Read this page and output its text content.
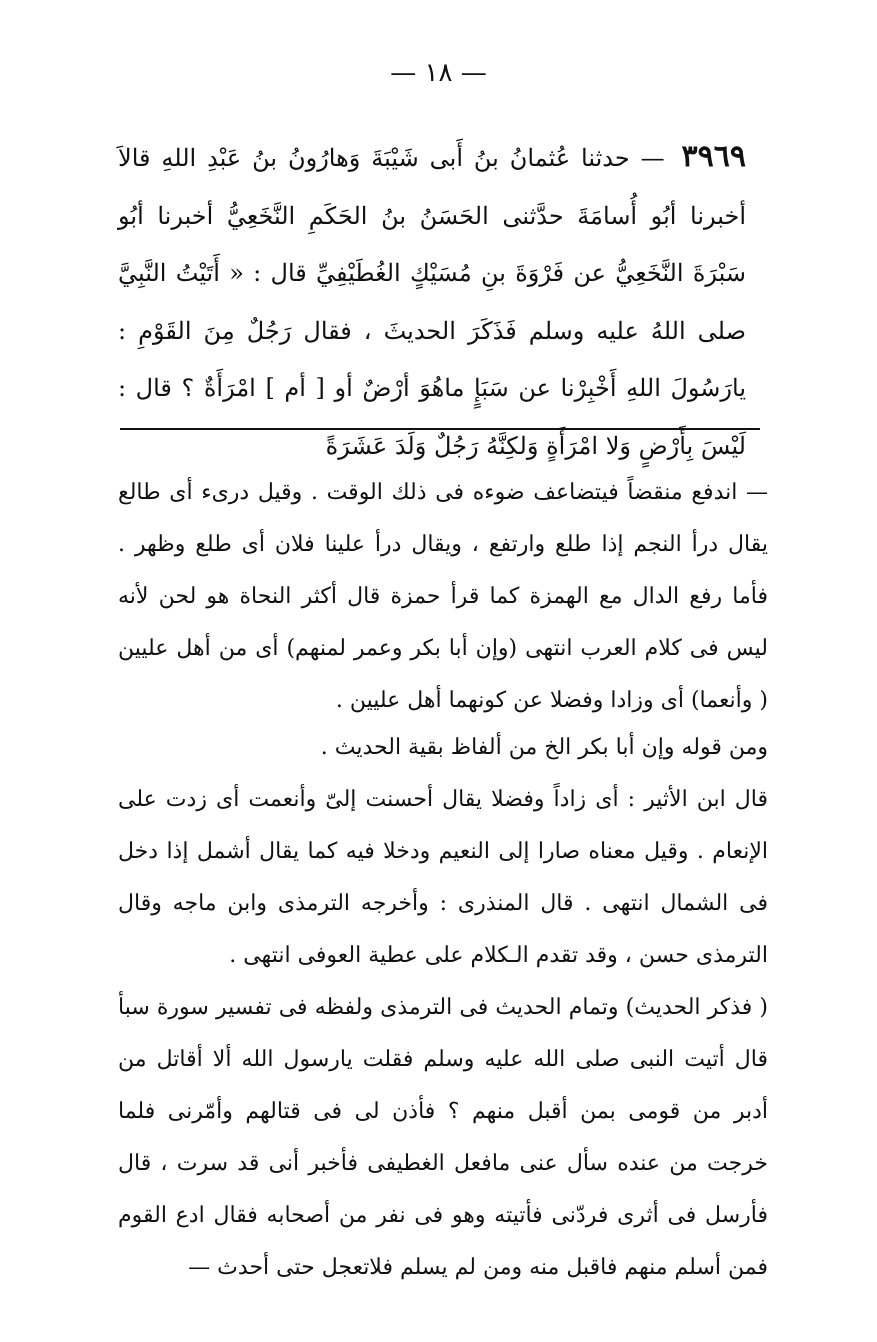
— ١٨ —
٣٩٦٩ — حدثنا عُثمانُ بنُ أَبى شَيْبَةَ وَهارُونُ بنُ عَبْدِ اللهِ قالاَ أخبرنا أبُو أُسامَةَ حدَّثنى الحَسَنُ بنُ الحَكَمِ النَّخَعِيُّ أخبرنا أبُو سَبْرَةَ النَّخَعِيُّ عن فَرْوَةَ بنِ مُسَيْكٍ الغُطَيْفِيِّ قال : « أَتَيْتُ النَّبِيَّ صلى اللهُ عليه وسلم فَذَكَرَ الحديثَ ، فقال رَجُلٌ مِنَ القَوْمِ : يارَسُولَ اللهِ أَخْبِرْنا عن سَبَإٍ ماهُوَ أرْضٌ أو [ أم ] امْرَأَةٌ ؟ قال : لَيْسَ بِأَرْضٍ وَلا امْرَأَةٍ وَلكِنَّهُ رَجُلٌ وَلَدَ عَشَرَةً

— اندفع منقضاً فيتضاعف ضوءه فى ذلك الوقت . وقيل درىء أى طالع يقال درأ النجم إذا طلع وارتفع ، ويقال درأ علينا فلان أى طلع وظهر . فأما رفع الدال مع الهمزة كما قرأ حمزة قال أكثر النحاة هو لحن لأنه ليس فى كلام العرب انتهى (وإن أبا بكر وعمر لمنهم) أى من أهل عليين ( وأنعما) أى وزادا وفضلا عن كونهما أهل عليين .

ومن قوله وإن أبا بكر الخ من ألفاظ بقية الحديث .

قال ابن الأثير : أى زاداً وفضلا يقال أحسنت إلىّ وأنعمت أى زدت على الإنعام . وقيل معناه صارا إلى النعيم ودخلا فيه كما يقال أشمل إذا دخل فى الشمال انتهى . قال المنذرى : وأخرجه الترمذى وابن ماجه وقال الترمذى حسن ، وقد تقدم الـكلام على عطية العوفى انتهى .

( فذكر الحديث) وتمام الحديث فى الترمذى ولفظه فى تفسير سورة سبأ قال أتيت النبى صلى الله عليه وسلم فقلت يارسول الله ألا أقاتل من أدبر من قومى بمن أقبل منهم ؟ فأذن لى فى قتالهم وأمّرنى فلما خرجت من عنده سأل عنى مافعل الغطيفى فأخبر أنى قد سرت ، قال فأرسل فى أثرى فردّنى فأتيته وهو فى نفر من أصحابه فقال ادع القوم فمن أسلم منهم فاقبل منه ومن لم يسلم فلاتعجل حتى أحدث —
